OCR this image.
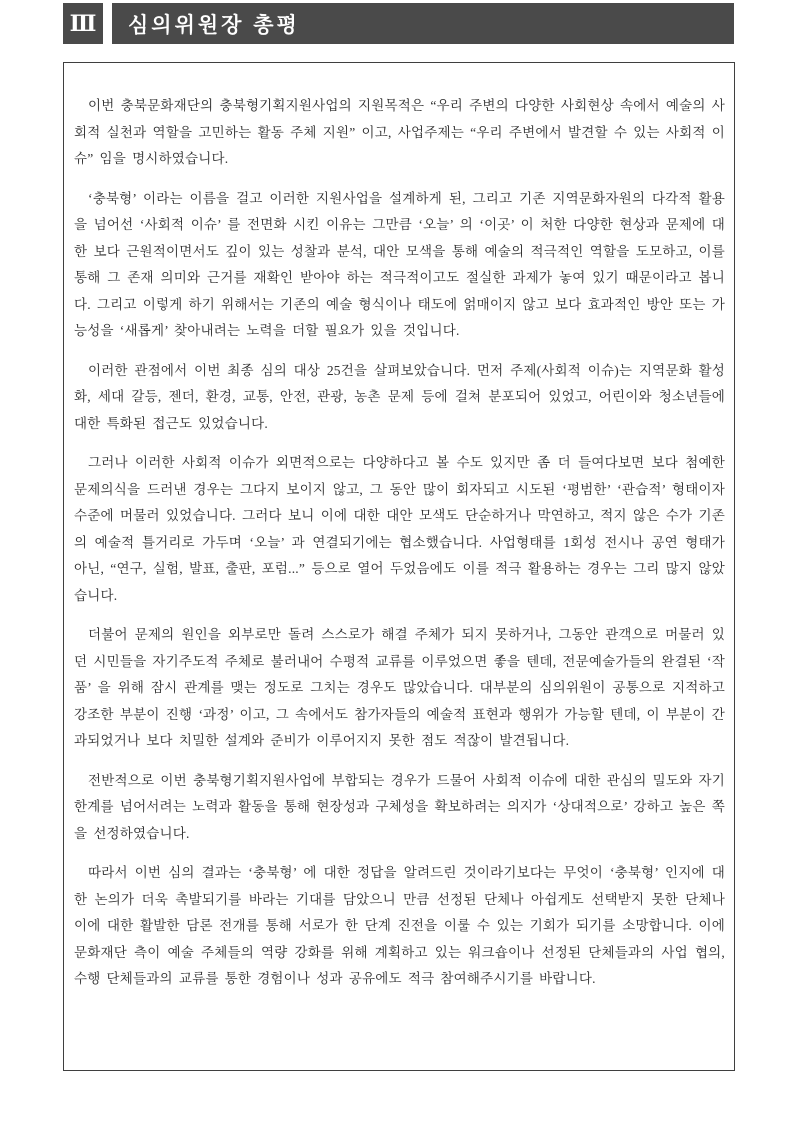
Ⅲ 심의위원장 총평

이번 충북문화재단의 충북형기획지원사업의 지원목적은 “우리 주변의 다양한 사회현상 속에서 예술의 사회적 실천과 역할을 고민하는 활동 주체 지원” 이고, 사업주제는 “우리 주변에서 발견할 수 있는 사회적 이슈” 임을 명시하였습니다.

‘충북형’ 이라는 이름을 걸고 이러한 지원사업을 설계하게 된, 그리고 기존 지역문화자원의 다각적 활용을 넘어선 ‘사회적 이슈’ 를 전면화 시킨 이유는 그만큼 ‘오늘’ 의 ‘이곳’ 이 처한 다양한 현상과 문제에 대한 보다 근원적이면서도 깊이 있는 성찰과 분석, 대안 모색을 통해 예술의 적극적인 역할을 도모하고, 이를 통해 그 존재 의미와 근거를 재확인 받아야 하는 적극적이고도 절실한 과제가 놓여 있기 때문이라고 봅니다. 그리고 이렇게 하기 위해서는 기존의 예술 형식이나 태도에 얽매이지 않고 보다 효과적인 방안 또는 가능성을 ‘새롭게’ 찾아내려는 노력을 더할 필요가 있을 것입니다.

이러한 관점에서 이번 최종 심의 대상 25건을 살펴보았습니다. 먼저 주제(사회적 이슈)는 지역문화 활성화, 세대 갈등, 젠더, 환경, 교통, 안전, 관광, 농촌 문제 등에 걸쳐 분포되어 있었고, 어린이와 청소년들에 대한 특화된 접근도 있었습니다.

그러나 이러한 사회적 이슈가 외면적으로는 다양하다고 볼 수도 있지만 좀 더 들여다보면 보다 첨예한 문제의식을 드러낸 경우는 그다지 보이지 않고, 그 동안 많이 회자되고 시도된 ‘평범한’ ‘관습적’ 형태이자 수준에 머물러 있었습니다. 그러다 보니 이에 대한 대안 모색도 단순하거나 막연하고, 적지 않은 수가 기존의 예술적 틀거리로 가두며 ‘오늘’ 과 연결되기에는 협소했습니다. 사업형태를 1회성 전시나 공연 형태가 아닌, “연구, 실험, 발표, 출판, 포럼...” 등으로 열어 두었음에도 이를 적극 활용하는 경우는 그리 많지 않았습니다.

더불어 문제의 원인을 외부로만 돌려 스스로가 해결 주체가 되지 못하거나, 그동안 관객으로 머물러 있던 시민들을 자기주도적 주체로 불러내어 수평적 교류를 이루었으면 좋을 텐데, 전문예술가들의 완결된 ‘작품’ 을 위해 잠시 관계를 맺는 정도로 그치는 경우도 많았습니다. 대부분의 심의위원이 공통으로 지적하고 강조한 부분이 진행 ‘과정’ 이고, 그 속에서도 참가자들의 예술적 표현과 행위가 가능할 텐데, 이 부분이 간과되었거나 보다 치밀한 설계와 준비가 이루어지지 못한 점도 적잖이 발견됩니다.

전반적으로 이번 충북형기획지원사업에 부합되는 경우가 드물어 사회적 이슈에 대한 관심의 밀도와 자기 한계를 넘어서려는 노력과 활동을 통해 현장성과 구체성을 확보하려는 의지가 ‘상대적으로’ 강하고 높은 쪽을 선정하였습니다.

따라서 이번 심의 결과는 ‘충북형’ 에 대한 정답을 알려드린 것이라기보다는 무엇이 ‘충북형’ 인지에 대한 논의가 더욱 촉발되기를 바라는 기대를 담았으니 만큼 선정된 단체나 아쉽게도 선택받지 못한 단체나 이에 대한 활발한 담론 전개를 통해 서로가 한 단계 진전을 이룰 수 있는 기회가 되기를 소망합니다. 이에 문화재단 측이 예술 주체들의 역량 강화를 위해 계획하고 있는 워크숍이나 선정된 단체들과의 사업 협의, 수행 단체들과의 교류를 통한 경험이나 성과 공유에도 적극 참여해주시기를 바랍니다.
